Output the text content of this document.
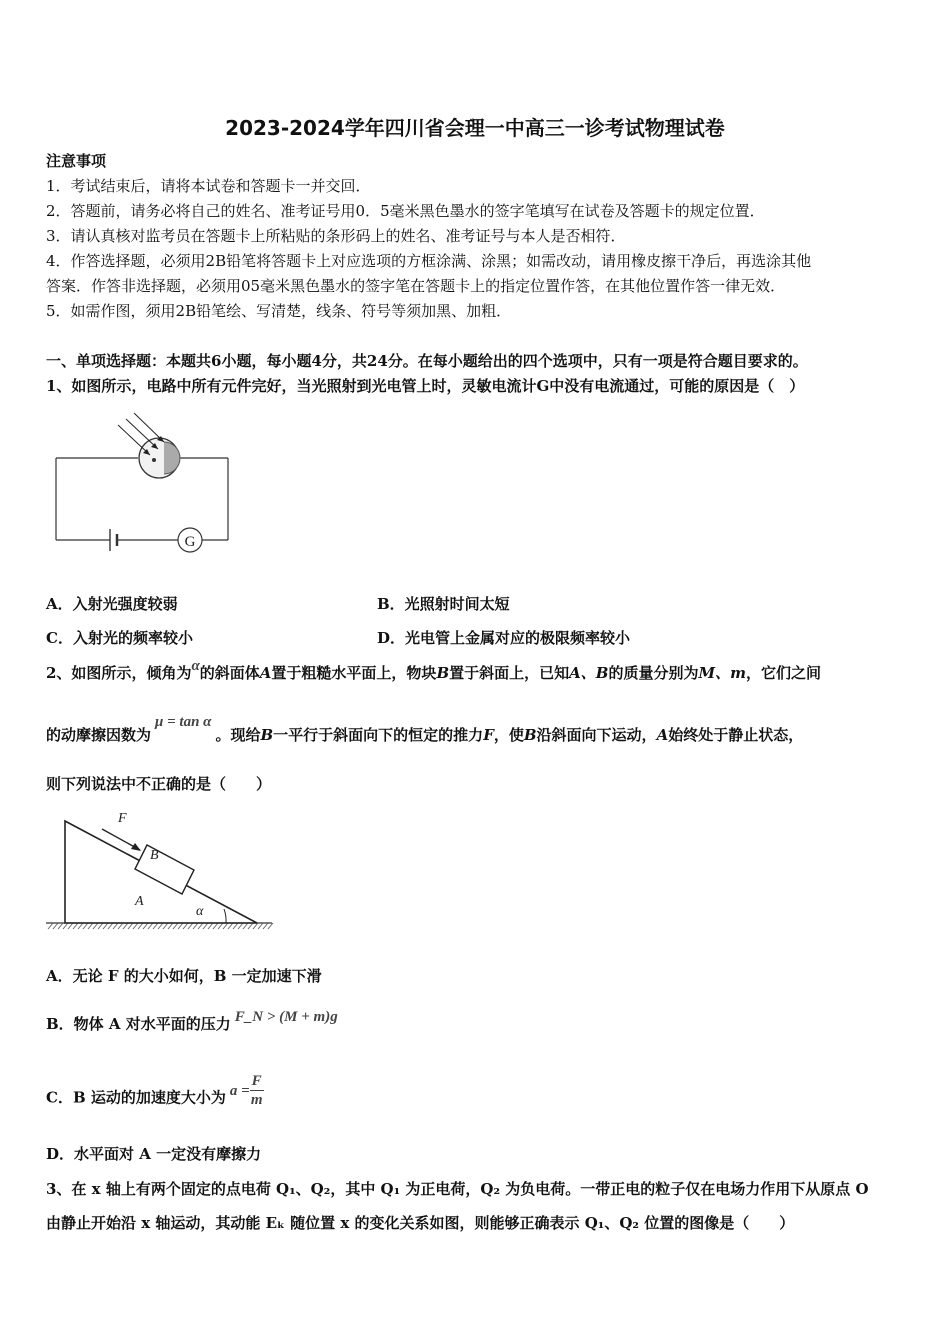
2023-2024学年四川省会理一中高三一诊考试物理试卷
注意事项
1．考试结束后，请将本试卷和答题卡一并交回．
2．答题前，请务必将自己的姓名、准考证号用0．5毫米黑色墨水的签字笔填写在试卷及答题卡的规定位置．
3．请认真核对监考员在答题卡上所粘贴的条形码上的姓名、准考证号与本人是否相符．
4．作答选择题，必须用2B铅笔将答题卡上对应选项的方框涂满、涂黑；如需改动，请用橡皮擦干净后，再选涂其他
答案．作答非选择题，必须用05毫米黑色墨水的签字笔在答题卡上的指定位置作答，在其他位置作答一律无效．
5．如需作图，须用2B铅笔绘、写清楚，线条、符号等须加黑、加粗．
一、单项选择题：本题共6小题，每小题4分，共24分。在每小题给出的四个选项中，只有一项是符合题目要求的。
1、如图所示，电路中所有元件完好，当光照射到光电管上时，灵敏电流计G中没有电流通过，可能的原因是（　）
G
A．入射光强度较弱	B．光照射时间太短
C．入射光的频率较小	D．光电管上金属对应的极限频率较小
2、如图所示，倾角为α的斜面体A置于粗糙水平面上，物块B置于斜面上，已知A、B的质量分别为M、m，它们之间
的动摩擦因数为μ = tan α。现给B一平行于斜面向下的恒定的推力F，使B沿斜面向下运动，A始终处于静止状态，
则下列说法中不正确的是（　　）
F
B
A
α
A．无论 F 的大小如何，B 一定加速下滑
B．物体 A 对水平面的压力 F_N > (M + m)g
C．B 运动的加速度大小为 $a = \frac{F}{m}$
D．水平面对 A 一定没有摩擦力
3、在 x 轴上有两个固定的点电荷 Q₁、Q₂，其中 Q₁ 为正电荷，Q₂ 为负电荷。一带正电的粒子仅在电场力作用下从原点 O
由静止开始沿 x 轴运动，其动能 Eₖ 随位置 x 的变化关系如图，则能够正确表示 Q₁、Q₂ 位置的图像是（　　）
